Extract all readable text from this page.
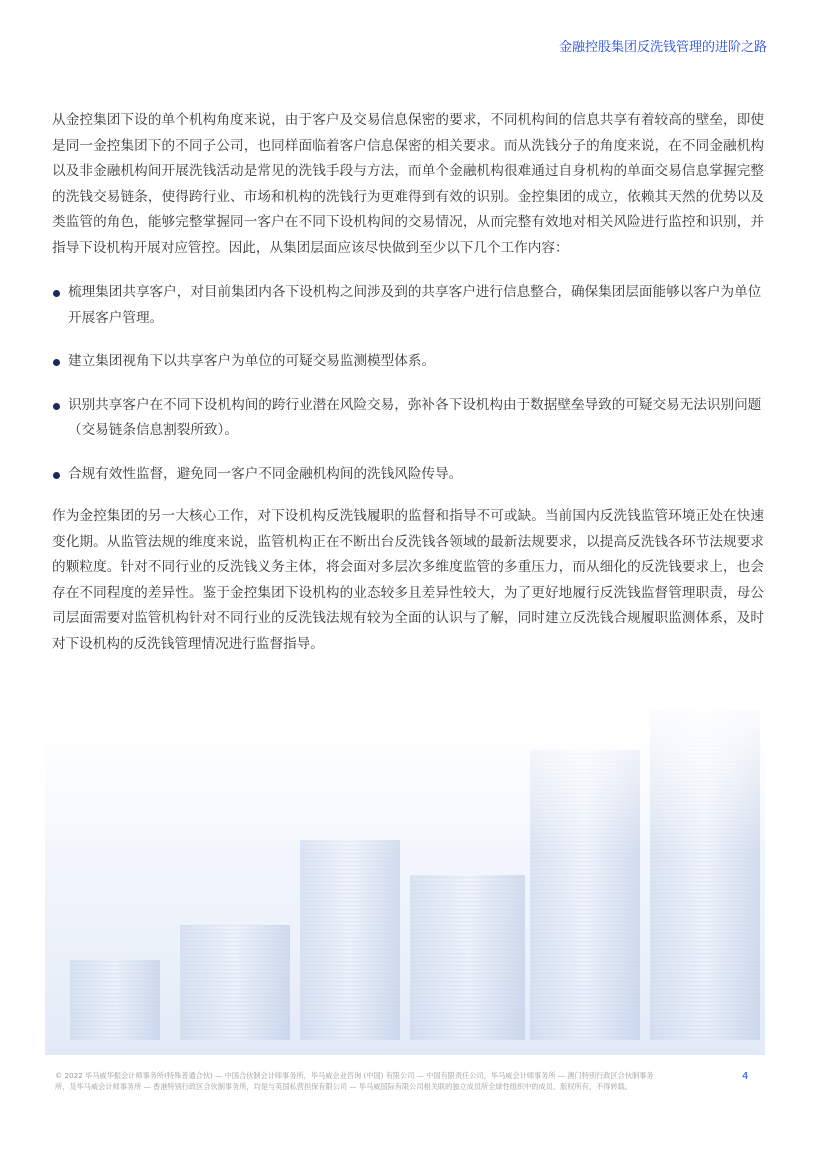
金融控股集团反洗钱管理的进阶之路

从金控集团下设的单个机构角度来说，由于客户及交易信息保密的要求，不同机构间的信息共享有着较高的壁垒，即使是同一金控集团下的不同子公司，也同样面临着客户信息保密的相关要求。而从洗钱分子的角度来说，在不同金融机构以及非金融机构间开展洗钱活动是常见的洗钱手段与方法，而单个金融机构很难通过自身机构的单面交易信息掌握完整的洗钱交易链条，使得跨行业、市场和机构的洗钱行为更难得到有效的识别。金控集团的成立，依赖其天然的优势以及类监管的角色，能够完整掌握同一客户在不同下设机构间的交易情况，从而完整有效地对相关风险进行监控和识别，并指导下设机构开展对应管控。因此，从集团层面应该尽快做到至少以下几个工作内容：

梳理集团共享客户，对目前集团内各下设机构之间涉及到的共享客户进行信息整合，确保集团层面能够以客户为单位开展客户管理。
建立集团视角下以共享客户为单位的可疑交易监测模型体系。
识别共享客户在不同下设机构间的跨行业潜在风险交易，弥补各下设机构由于数据壁垒导致的可疑交易无法识别问题（交易链条信息割裂所致）。
合规有效性监督，避免同一客户不同金融机构间的洗钱风险传导。

作为金控集团的另一大核心工作，对下设机构反洗钱履职的监督和指导不可或缺。当前国内反洗钱监管环境正处在快速变化期。从监管法规的维度来说，监管机构正在不断出台反洗钱各领域的最新法规要求，以提高反洗钱各环节法规要求的颗粒度。针对不同行业的反洗钱义务主体，将会面对多层次多维度监管的多重压力，而从细化的反洗钱要求上，也会存在不同程度的差异性。鉴于金控集团下设机构的业态较多且差异性较大，为了更好地履行反洗钱监督管理职责，母公司层面需要对监管机构针对不同行业的反洗钱法规有较为全面的认识与了解，同时建立反洗钱合规履职监测体系，及时对下设机构的反洗钱管理情况进行监督指导。

© 2022 毕马威华振会计师事务所(特殊普通合伙) — 中国合伙制会计师事务所，毕马威企业咨询 (中国) 有限公司 — 中国有限责任公司，毕马威会计师事务所 — 澳门特别行政区合伙制事务所，及毕马威会计师事务所 — 香港特别行政区合伙制事务所，均是与英国私营担保有限公司 — 毕马威国际有限公司相关联的独立成员所全球性组织中的成员。版权所有，不得转载。
4
